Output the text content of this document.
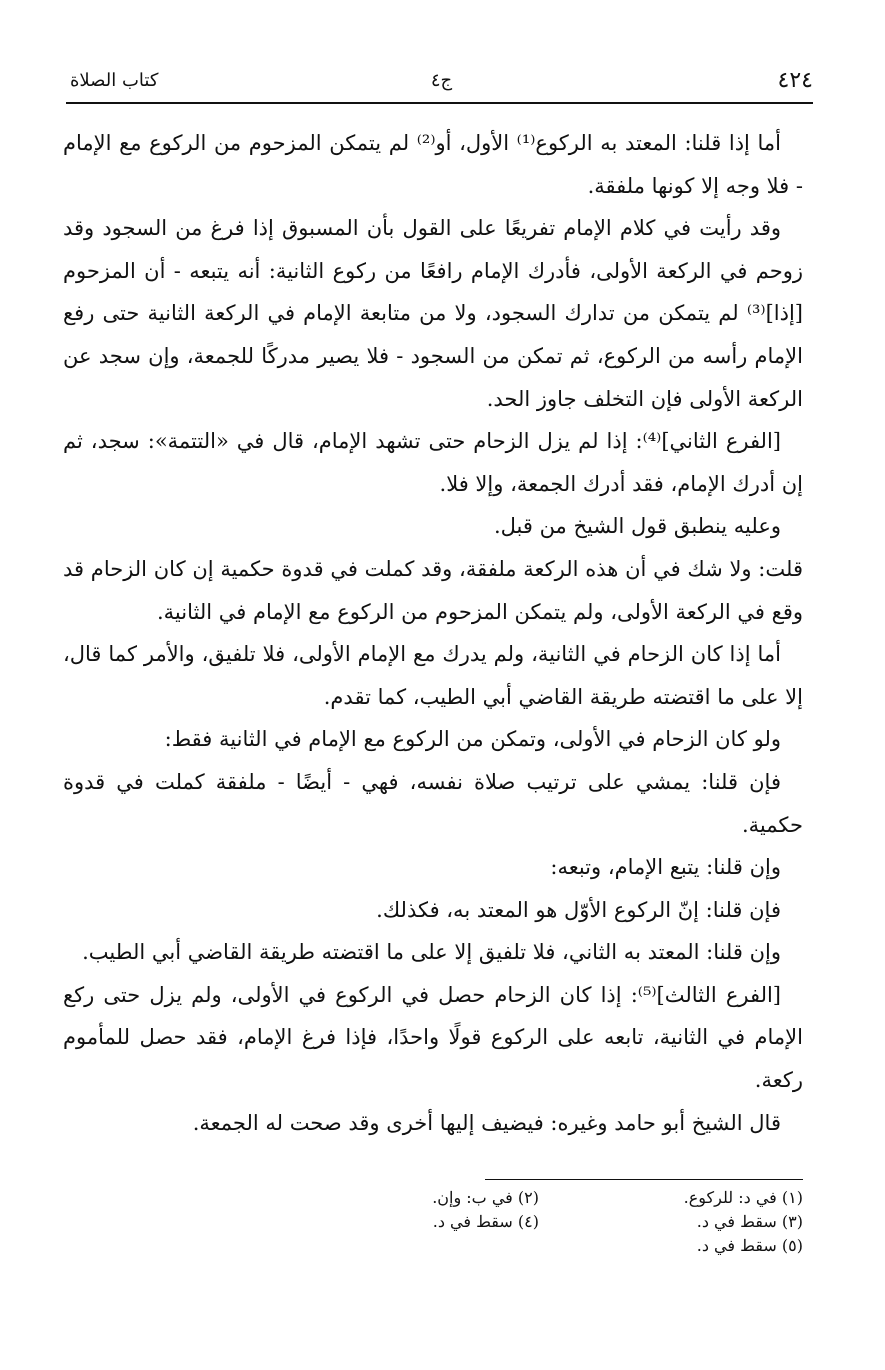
٤٢٤
ج٤
كتاب الصلاة

أما إذا قلنا: المعتد به الركوع⁽¹⁾ الأول، أو⁽²⁾ لم يتمكن المزحوم من الركوع مع الإمام - فلا وجه إلا كونها ملفقة.

وقد رأيت في كلام الإمام تفريعًا على القول بأن المسبوق إذا فرغ من السجود وقد زوحم في الركعة الأولى، فأدرك الإمام رافعًا من ركوع الثانية: أنه يتبعه - أن المزحوم [إذا]⁽³⁾ لم يتمكن من تدارك السجود، ولا من متابعة الإمام في الركعة الثانية حتى رفع الإمام رأسه من الركوع، ثم تمكن من السجود - فلا يصير مدركًا للجمعة، وإن سجد عن الركعة الأولى فإن التخلف جاوز الحد.

[الفرع الثاني]⁽⁴⁾: إذا لم يزل الزحام حتى تشهد الإمام، قال في «التتمة»: سجد، ثم إن أدرك الإمام، فقد أدرك الجمعة، وإلا فلا.

وعليه ينطبق قول الشيخ من قبل.

قلت: ولا شك في أن هذه الركعة ملفقة، وقد كملت في قدوة حكمية إن كان الزحام قد وقع في الركعة الأولى، ولم يتمكن المزحوم من الركوع مع الإمام في الثانية.

أما إذا كان الزحام في الثانية، ولم يدرك مع الإمام الأولى، فلا تلفيق، والأمر كما قال، إلا على ما اقتضته طريقة القاضي أبي الطيب، كما تقدم.

ولو كان الزحام في الأولى، وتمكن من الركوع مع الإمام في الثانية فقط:

فإن قلنا: يمشي على ترتيب صلاة نفسه، فهي - أيضًا - ملفقة كملت في قدوة حكمية.

وإن قلنا: يتبع الإمام، وتبعه:

فإن قلنا: إنّ الركوع الأوّل هو المعتد به، فكذلك.

وإن قلنا: المعتد به الثاني، فلا تلفيق إلا على ما اقتضته طريقة القاضي أبي الطيب.

[الفرع الثالث]⁽⁵⁾: إذا كان الزحام حصل في الركوع في الأولى، ولم يزل حتى ركع الإمام في الثانية، تابعه على الركوع قولًا واحدًا، فإذا فرغ الإمام، فقد حصل للمأموم ركعة.

قال الشيخ أبو حامد وغيره: فيضيف إليها أخرى وقد صحت له الجمعة.

(١) في د: للركوع.
(٢) في ب: وإن.
(٣) سقط في د.
(٤) سقط في د.
(٥) سقط في د.
